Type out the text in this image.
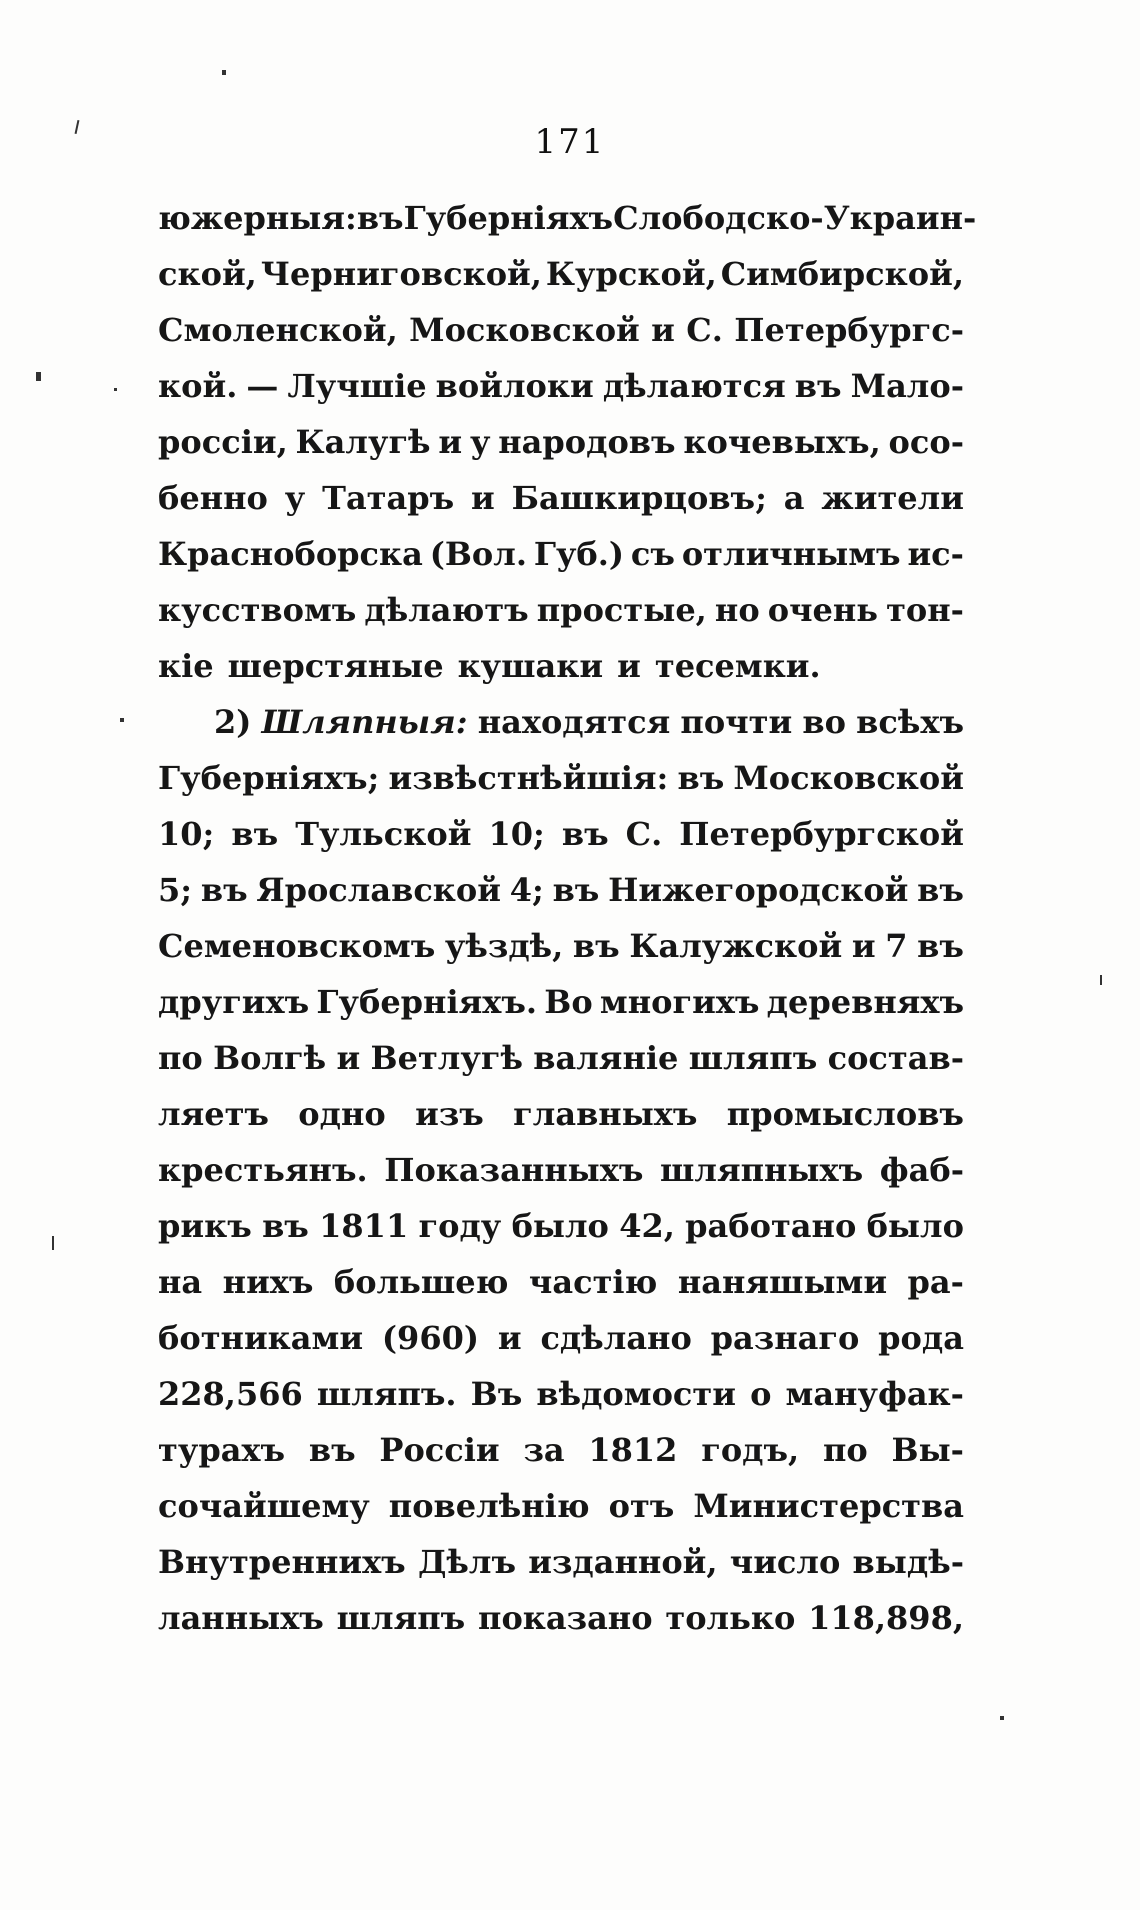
171
южерныя: въ Губерніяхъ Слободско-Украин-
ской, Черниговской, Курской, Симбирской,
Смоленской, Московской и С. Петербургс-
кой. — Лучшіе войлоки дѣлаются въ Мало-
россіи, Калугѣ и у народовъ кочевыхъ, осо-
бенно у Татаръ и Башкирцовъ; а жители
Красноборска (Вол. Губ.) съ отличнымъ ис-
кусствомъ дѣлаютъ простые, но очень тон-
кіе шерстяные кушаки и тесемки.
2) Шляпныя: находятся почти во всѣхъ
Губерніяхъ; извѣстнѣйшія: въ Московской
10; въ Тульской 10; въ С. Петербургской
5; въ Ярославской 4; въ Нижегородской въ
Семеновскомъ уѣздѣ, въ Калужской и 7 въ
другихъ Губерніяхъ. Во многихъ деревняхъ
по Волгѣ и Ветлугѣ валяніе шляпъ состав-
ляетъ одно изъ главныхъ промысловъ
крестьянъ. Показанныхъ шляпныхъ фаб-
рикъ въ 1811 году было 42, работано было
на нихъ большею частію наняшыми ра-
ботниками (960) и сдѣлано разнаго рода
228,566 шляпъ. Въ вѣдомости о мануфак-
турахъ въ Россіи за 1812 годъ, по Вы-
сочайшему повелѣнію отъ Министерства
Внутреннихъ Дѣлъ изданной, число выдѣ-
ланныхъ шляпъ показано только 118,898,
